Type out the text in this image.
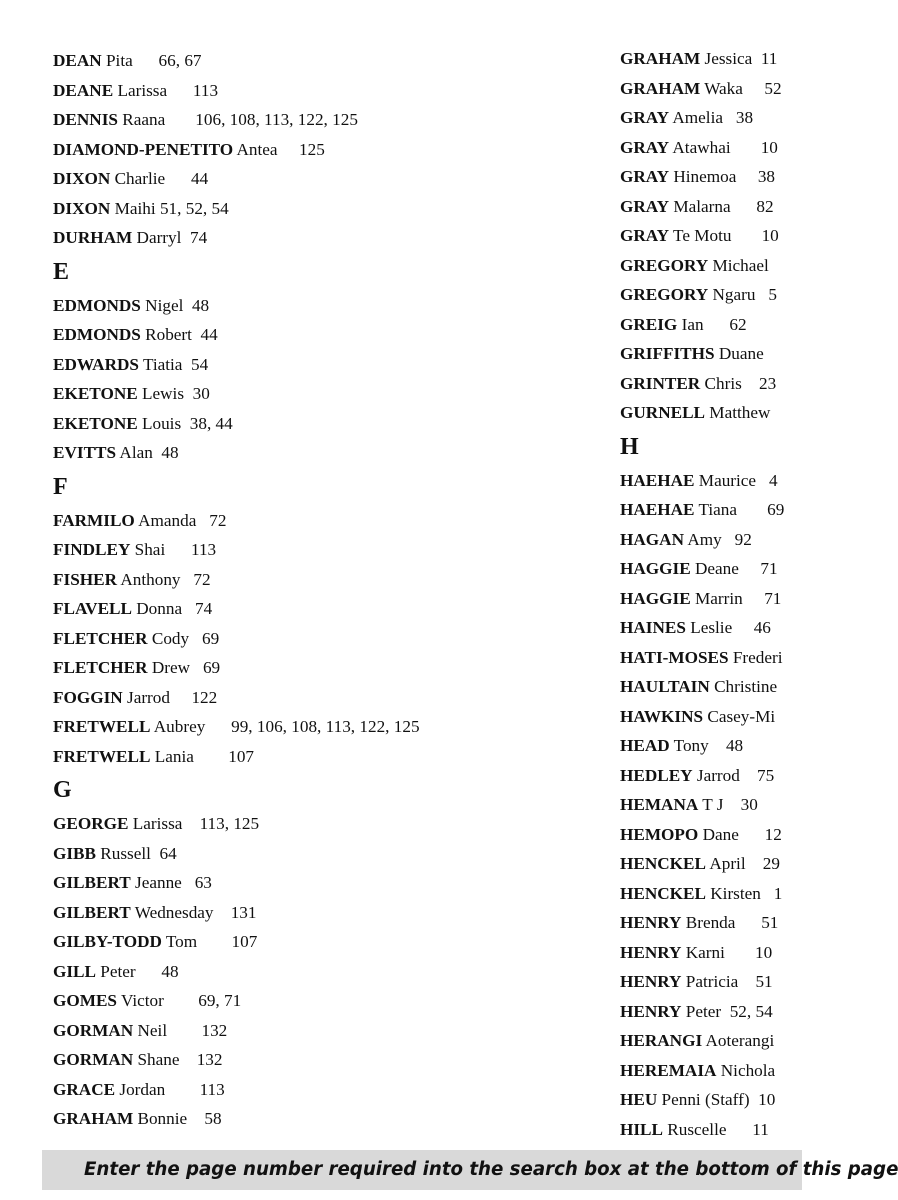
DEAN Pita      66, 67
DEANE Larissa      113
DENNIS Raana       106, 108, 113, 122, 125
DIAMOND-PENETITO Antea     125
DIXON Charlie      44
DIXON Maihi 51, 52, 54
DURHAM Darryl  74
E
EDMONDS Nigel  48
EDMONDS Robert  44
EDWARDS Tiatia  54
EKETONE Lewis  30
EKETONE Louis  38, 44
EVITTS Alan  48
F
FARMILO Amanda   72
FINDLEY Shai      113
FISHER Anthony   72
FLAVELL Donna   74
FLETCHER Cody   69
FLETCHER Drew   69
FOGGIN Jarrod     122
FRETWELL Aubrey      99, 106, 108, 113, 122, 125
FRETWELL Lania        107
G
GEORGE Larissa    113, 125
GIBB Russell  64
GILBERT Jeanne   63
GILBERT Wednesday    131
GILBY-TODD Tom        107
GILL Peter      48
GOMES Victor        69, 71
GORMAN Neil        132
GORMAN Shane    132
GRACE Jordan        113
GRAHAM Bonnie    58
GRAHAM Jessica  11
GRAHAM Waka     52
GRAY Amelia   38
GRAY Atawhai       10
GRAY Hinemoa     38
GRAY Malarna      82
GRAY Te Motu       10
GREGORY Michael
GREGORY Ngaru   5
GREIG Ian      62
GRIFFITHS Duane
GRINTER Chris    23
GURNELL Matthew
H
HAEHAE Maurice   4
HAEHAE Tiana       69
HAGAN Amy   92
HAGGIE Deane     71
HAGGIE Marrin     71
HAINES Leslie     46
HATI-MOSES Frederi
HAULTAIN Christine
HAWKINS Casey-Mi
HEAD Tony    48
HEDLEY Jarrod    75
HEMANA T J    30
HEMOPO Dane      12
HENCKEL April    29
HENCKEL Kirsten   1
HENRY Brenda      51
HENRY Karni       10
HENRY Patricia    51
HENRY Peter  52, 54
HERANGI Aoterangi
HEREMAIA Nichola
HEU Penni (Staff)  10
HILL Ruscelle      11
Enter the page number required into the search box at the bottom of this page
